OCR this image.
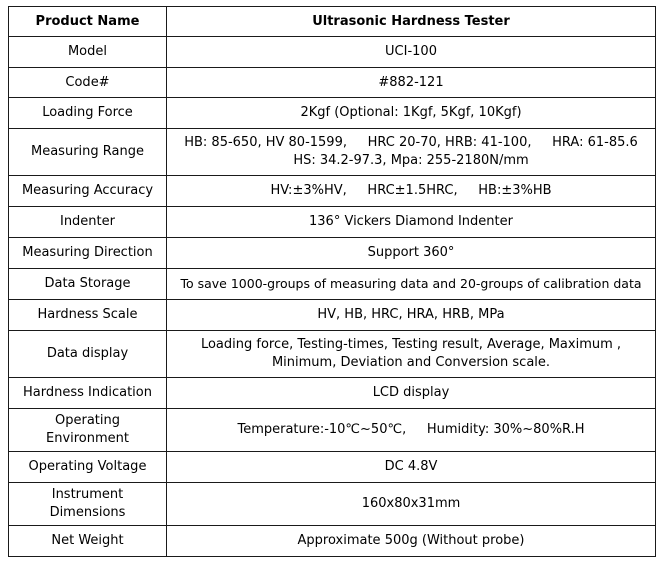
Product Name	Ultrasonic Hardness Tester
Model	UCI-100
Code#	#882-121
Loading Force	2Kgf (Optional: 1Kgf, 5Kgf, 10Kgf)
Measuring Range	HB: 85-650, HV 80-1599,     HRC 20-70, HRB: 41-100,     HRA: 61-85.6
HS: 34.2-97.3, Mpa: 255-2180N/mm

Measuring Accuracy	HV:±3%HV,     HRC±1.5HRC,     HB:±3%HB
Indenter	136° Vickers Diamond Indenter
Measuring Direction	Support 360°
Data Storage	To save 1000-groups of measuring data and 20-groups of calibration data
Hardness Scale	HV, HB, HRC, HRA, HRB, MPa
Data display	Loading force, Testing-times, Testing result, Average, Maximum ,
Minimum, Deviation and Conversion scale.

Hardness Indication	LCD display

Operating
Environment	Temperature:-10℃~50℃,     Humidity: 30%~80%R.H
Operating Voltage	DC 4.8V

Instrument
Dimensions	160x80x31mm
Net Weight	Approximate 500g (Without probe)
